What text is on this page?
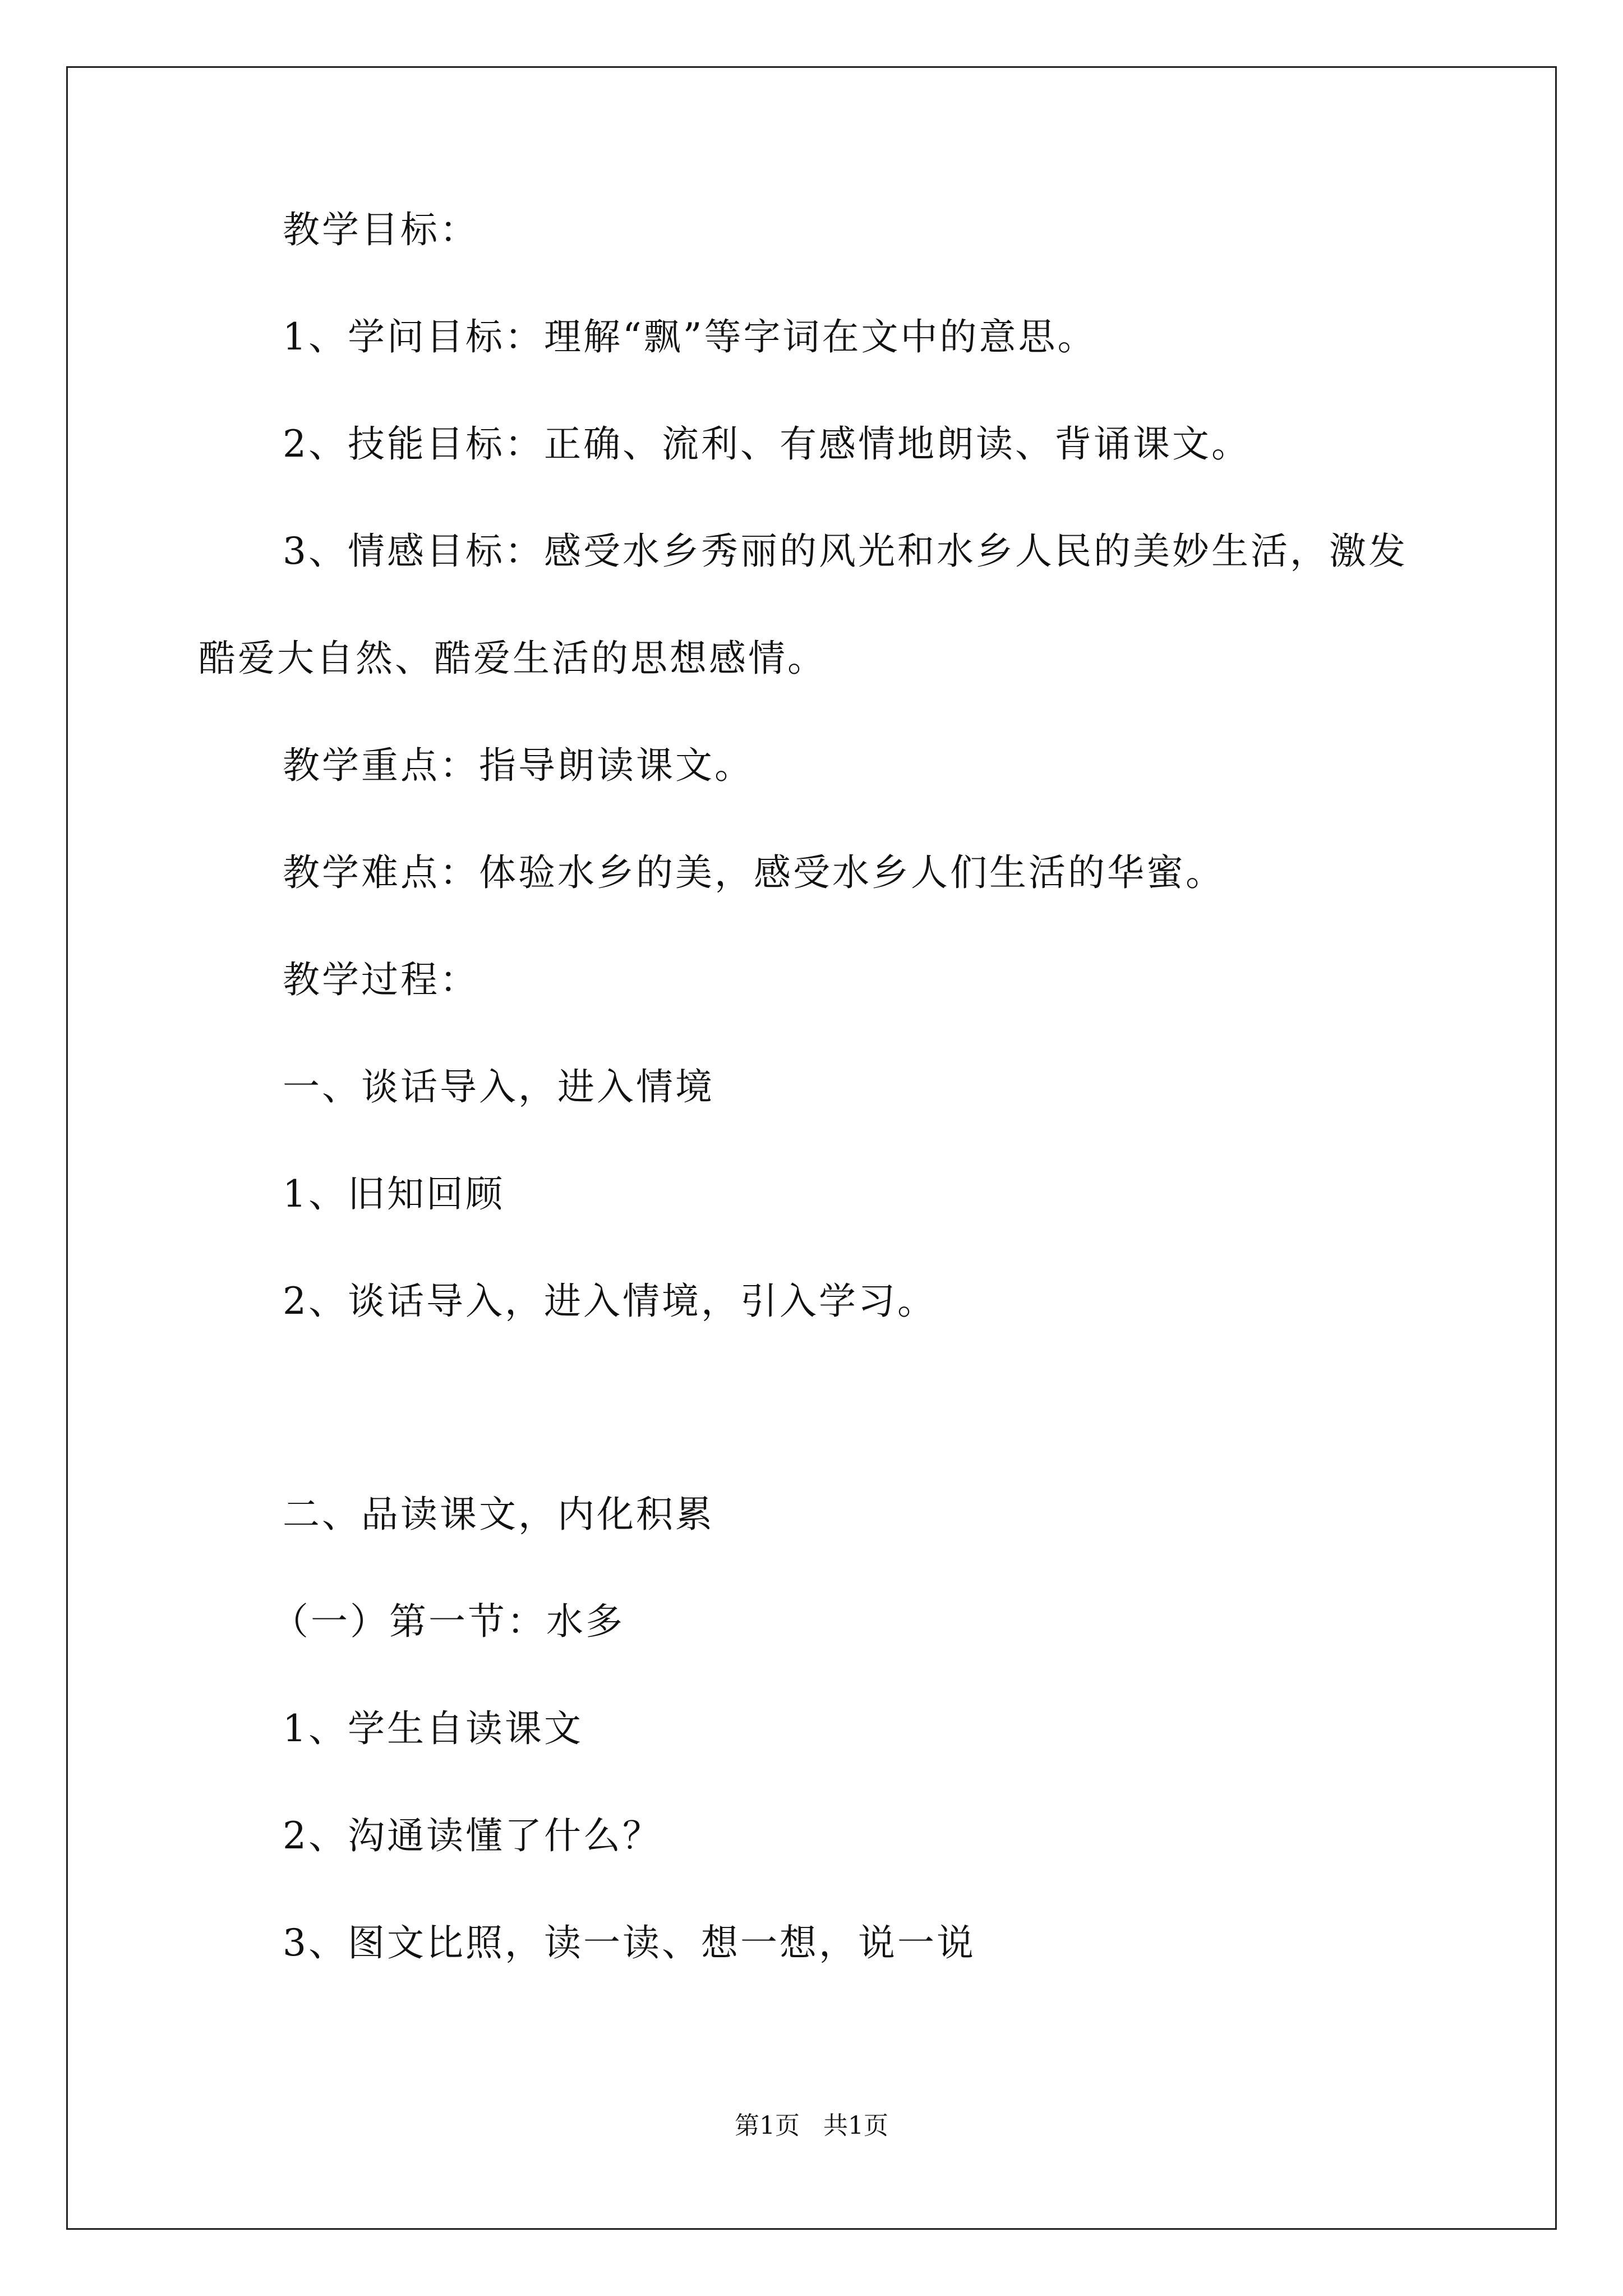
教学目标：
1、学问目标：理解“飘”等字词在文中的意思。
2、技能目标：正确、流利、有感情地朗读、背诵课文。
3、情感目标：感受水乡秀丽的风光和水乡人民的美妙生活，激发
酷爱大自然、酷爱生活的思想感情。
教学重点：指导朗读课文。
教学难点：体验水乡的美，感受水乡人们生活的华蜜。
教学过程：
一、谈话导入，进入情境
1、旧知回顾
2、谈话导入，进入情境，引入学习。
二、品读课文，内化积累
（一）第一节：水多
1、学生自读课文
2、沟通读懂了什么？
3、图文比照，读一读、想一想，说一说
第1页   共1页
